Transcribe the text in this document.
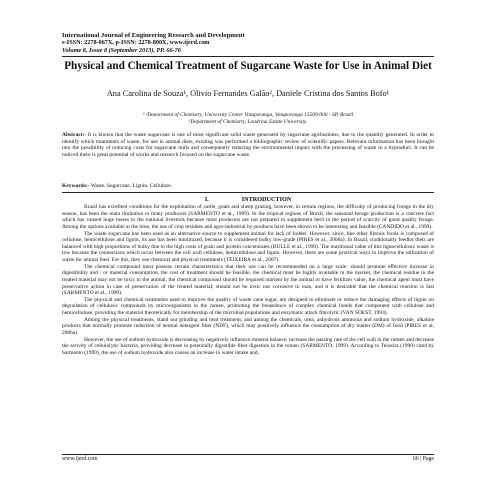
International Journal of Engineering Research and Development
e-ISSN: 2278-067X, p-ISSN: 2278-800X, www.ijerd.com
Volume 8, Issue 8 (September 2013), PP. 66-76
Physical and Chemical Treatment of Sugarcane Waste for Use in Animal Diet
Ana Carolina de Souza¹, Olivio Fernandes Galão², Daniele Cristina dos Santos Bofo¹
¹·²Department of Chemistry, University Center Votuporanga, Votuporanga 15500-006 - SP, Brazil
¹Department of Chemistry, Londrina Estate University.
Abstract:- It is known that the waste sugarcane is one of most significant solid waste generated by sugarcane agribusiness, due to the quantity generated. In order to identify which treatments of waste, for use in animal diets, existing was performed a bibliographic review of scientific papers. Relevant information has been brought into the possibility of reducing costs for sugarcane mills and consequently reducing the environmental impact with the processing of waste in a byproduct. It can be noticed there is great potential of works and research focused on the sugarcane waste.
Keywords:- Waste. Sugarcane. Lignin. Cellulose.
I.	INTRODUCTION

Brazil has excellent conditions for the exploitation of cattle, goats and sheep grazing, however, in certain regions, the difficulty of producing forage in the dry season, has been the main limitation to many producers (SARMENTO et al., 1999). In the tropical regions of Brazil, the seasonal forage production is a concrete fact which has caused huge losses to the national livestock because most producers are not prepared to supplement herd in the period of scarcity of good quality forage. Among the options available at the time, the use of crop residues and agro-industrial by-products have been shown to be interesting and feasible (CANDIDO et al., 1999).

The waste sugarcane has been used as an alternative source to supplement animal for lack of fodder. However, since, like other fibrous foods is composed of cellulose, hemicellulose and lignin, its use has been minimized, because it is considered bulky low-grade (PIRES et al., 2006a). In Brazil, traditionally feedlot diets are balanced with high proportions of bulky due to the high costs of grain and protein concentrates (BULLE et al., 1999). The nutritional value of this lignocellulosic waste is low because the connections which occur between the cell wall cellulose, hemicellulose and lignin. However, there are some practical ways to improve the utilization of waste for animal feed. For this, they use chemical and physical treatments (TEIXEIRA et al., 2007).

The chemical compound must possess certain characteristics that their use can be recommended on a large scale: should promote effective increase in digestibility and / or material consumption, the cost of treatment should be feasible, the chemical must be highly available in the market, the chemical residue in the treated material may not be toxic to the animal, the chemical compound should be required nutrient by the animal or have fertilizer value, the chemical agent must have preservative action in case of preservation of the treated material; should not be toxic nor corrosive to man, and it is desirable that the chemical reaction is fast (SARMENTO et al., 1999).

The physical and chemical treatments used to improve the quality of waste cane sugar, are designed to eliminate or reduce the damaging effects of lignin on degradation of cellulosic compounds by microorganisms in the rumen, promoting the breakdown of complex chemical bonds that component with cellulose and hemicellulose, providing the material theoretically for membership of the microbial populations and enzymatic attack fibrolytic (VAN SOEST, 1994).

Among the physical treatments, stand out grinding and heat treatment, and among the chemicals, urea, anhydrous ammonia and sodium hydroxide, alkaline products that normally promote reduction of neutral detergent fiber (NDF), which may positively influence the consumption of dry matter (DM) of food (PIRES et al, 2006a).

However, the use of sodium hydroxide is decreasing by negatively influence mineral balance, increase the passing rate of the cell wall in the rumen and decrease the activity of cellulolytic bacteria, providing decrease in potentially digestible fiber digestion in the rumen (SARMENTO, 1999). According to Teixeira (1990) cited by Sarmento (1999), the use of sodium hydroxide also causes an increase in water intake and,

www.ijerd.com	66 | Page
